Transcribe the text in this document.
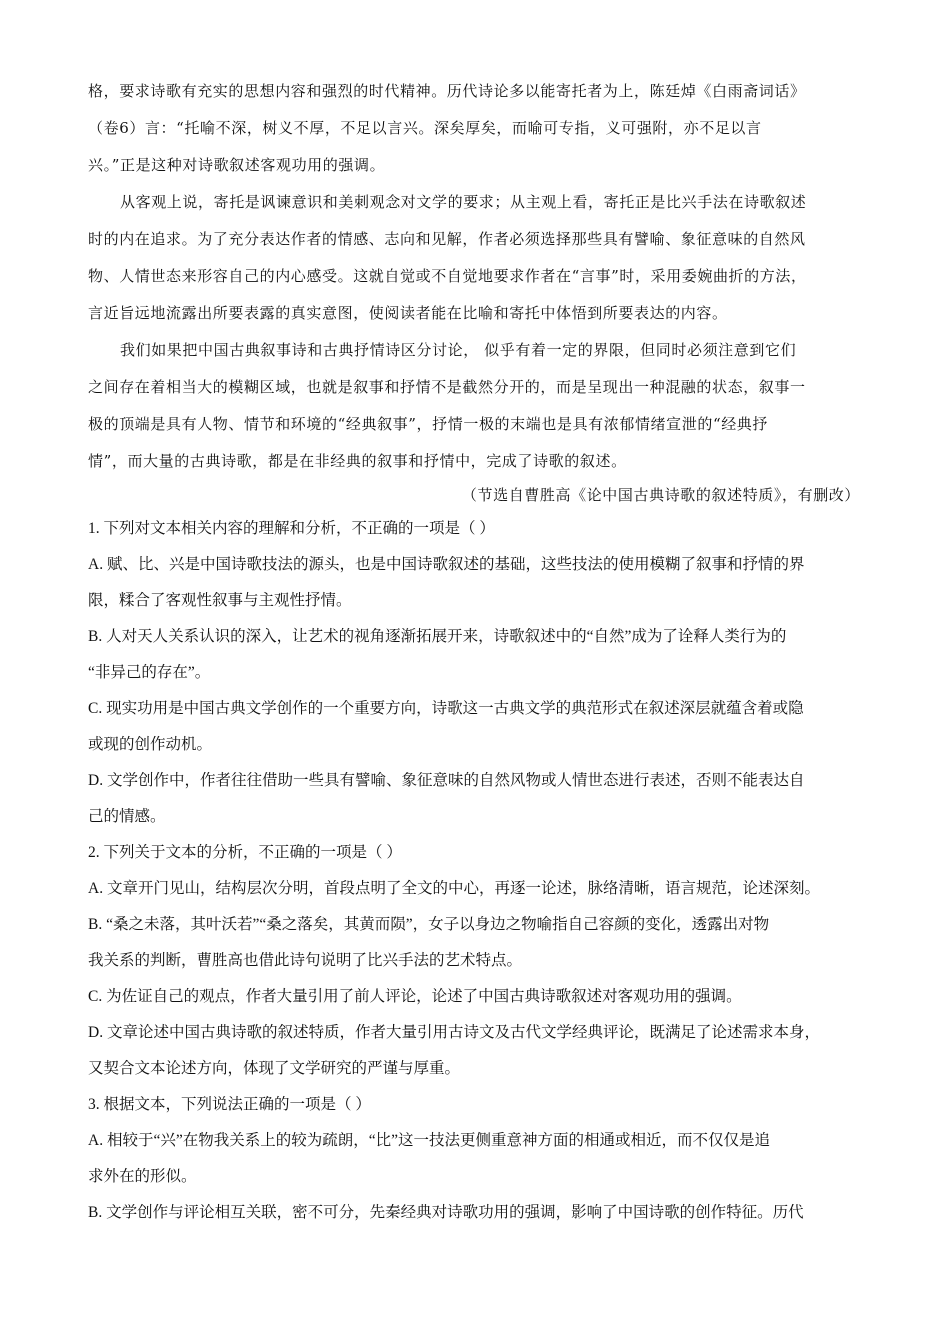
格，要求诗歌有充实的思想内容和强烈的时代精神。历代诗论多以能寄托者为上，陈廷焯《白雨斋词话》
（卷6）言：“托喻不深，树义不厚，不足以言兴。深矣厚矣，而喻可专指，义可强附，亦不足以言
兴。”正是这种对诗歌叙述客观功用的强调。
从客观上说，寄托是讽谏意识和美刺观念对文学的要求；从主观上看，寄托正是比兴手法在诗歌叙述
时的内在追求。为了充分表达作者的情感、志向和见解，作者必须选择那些具有譬喻、象征意味的自然风
物、人情世态来形容自己的内心感受。这就自觉或不自觉地要求作者在“言事”时，采用委婉曲折的方法，
言近旨远地流露出所要表露的真实意图，使阅读者能在比喻和寄托中体悟到所要表达的内容。
我们如果把中国古典叙事诗和古典抒情诗区分讨论， 似乎有着一定的界限，但同时必须注意到它们
之间存在着相当大的模糊区域，也就是叙事和抒情不是截然分开的，而是呈现出一种混融的状态，叙事一
极的顶端是具有人物、情节和环境的“经典叙事”，抒情一极的末端也是具有浓郁情绪宣泄的“经典抒
情”，而大量的古典诗歌，都是在非经典的叙事和抒情中，完成了诗歌的叙述。
（节选自曹胜高《论中国古典诗歌的叙述特质》，有删改）
1. 下列对文本相关内容的理解和分析，不正确的一项是（ ）
A. 赋、比、兴是中国诗歌技法的源头，也是中国诗歌叙述的基础，这些技法的使用模糊了叙事和抒情的界
限，糅合了客观性叙事与主观性抒情。
B. 人对天人关系认识的深入，让艺术的视角逐渐拓展开来，诗歌叙述中的“自然”成为了诠释人类行为的
“非异己的存在”。
C. 现实功用是中国古典文学创作的一个重要方向，诗歌这一古典文学的典范形式在叙述深层就蕴含着或隐
或现的创作动机。
D. 文学创作中，作者往往借助一些具有譬喻、象征意味的自然风物或人情世态进行表述，否则不能表达自
己的情感。
2. 下列关于文本的分析，不正确的一项是（ ）
A. 文章开门见山，结构层次分明，首段点明了全文的中心，再逐一论述，脉络清晰，语言规范，论述深刻。
B. “桑之未落，其叶沃若”“桑之落矣，其黄而陨”，女子以身边之物喻指自己容颜的变化，透露出对物
我关系的判断，曹胜高也借此诗句说明了比兴手法的艺术特点。
C. 为佐证自己的观点，作者大量引用了前人评论，论述了中国古典诗歌叙述对客观功用的强调。
D. 文章论述中国古典诗歌的叙述特质，作者大量引用古诗文及古代文学经典评论，既满足了论述需求本身，
又契合文本论述方向，体现了文学研究的严谨与厚重。
3. 根据文本，下列说法正确的一项是（ ）
A. 相较于“兴”在物我关系上的较为疏朗，“比”这一技法更侧重意神方面的相通或相近，而不仅仅是追
求外在的形似。
B. 文学创作与评论相互关联，密不可分，先秦经典对诗歌功用的强调，影响了中国诗歌的创作特征。历代
